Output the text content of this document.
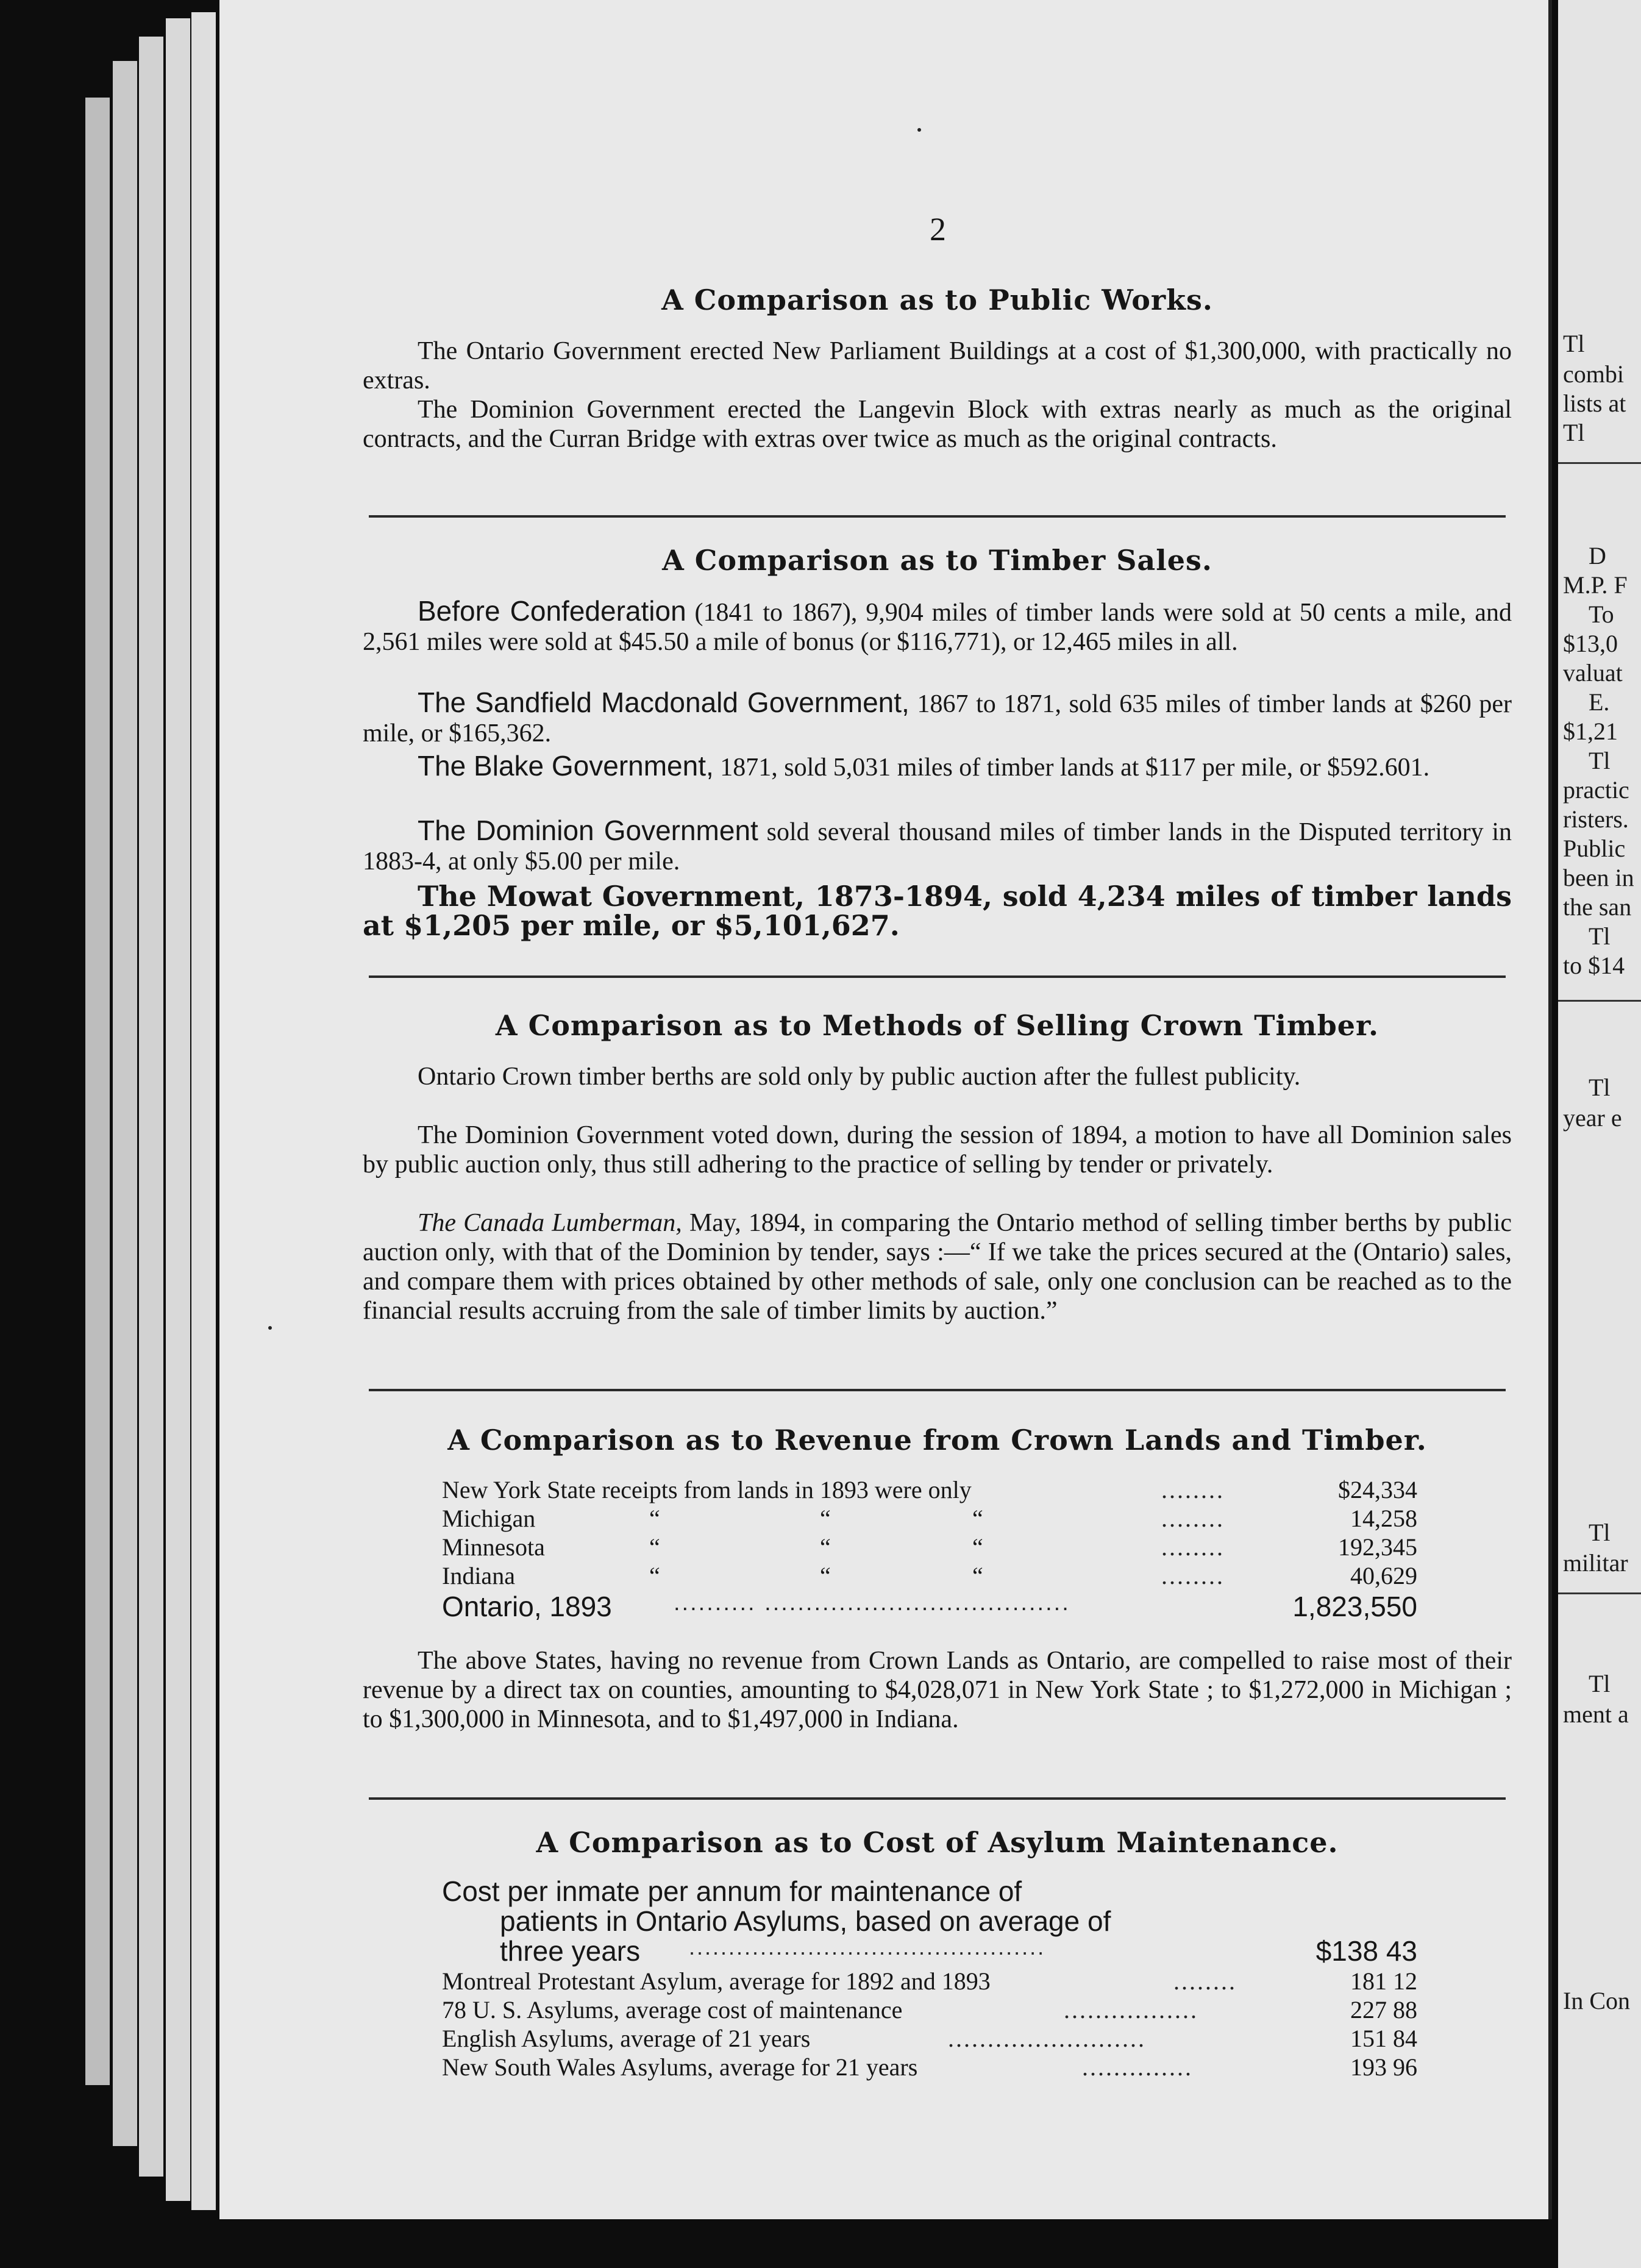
Tl
combi
lists at
Tl
D
M.P. F
To
$13,0
valuat
E.
$1,21
Tl
practic
risters.
Public
been in
the san
Tl
to $14
Tl
year e
Tl
militar
Tl
ment a
In Con
2
A Comparison as to Public Works.
The Ontario Government erected New Parliament Buildings at a cost of $1,300,000, with practically no extras.
The Dominion Government erected the Langevin Block with extras nearly as much as the original contracts, and the Curran Bridge with extras over twice as much as the original contracts.
A Comparison as to Timber Sales.
Before Confederation (1841 to 1867), 9,904 miles of timber lands were sold at 50 cents a mile, and 2,561 miles were sold at $45.50 a mile of bonus (or $116,771), or 12,465 miles in all.
The Sandfield Macdonald Government, 1867 to 1871, sold 635 miles of timber lands at $260 per mile, or $165,362.
The Blake Government, 1871, sold 5,031 miles of timber lands at $117 per mile, or $592.601.
The Dominion Government sold several thousand miles of timber lands in the Disputed territory in 1883-4, at only $5.00 per mile.
The Mowat Government, 1873-1894, sold 4,234 miles of timber lands at $1,205 per mile, or $5,101,627.
A Comparison as to Methods of Selling Crown Timber.
Ontario Crown timber berths are sold only by public auction after the fullest publicity.
The Dominion Government voted down, during the session of 1894, a motion to have all Dominion sales by public auction only, thus still adhering to the practice of selling by tender or privately.
The Canada Lumberman, May, 1894, in comparing the Ontario method of selling timber berths by public auction only, with that of the Dominion by tender, says :—“ If we take the prices secured at the (Ontario) sales, and compare them with prices obtained by other methods of sale, only one conclusion can be reached as to the financial results accruing from the sale of timber limits by auction.”
A Comparison as to Revenue from Crown Lands and Timber.
New York State receipts from lands in 1893 were only	........	$24,334
Michigan	“	“	“	........	14,258
Minnesota	“	“	“	........	192,345
Indiana	“	“	“	........	40,629
Ontario, 1893	.......... .....................................	1,823,550
The above States, having no revenue from Crown Lands as Ontario, are compelled to raise most of their revenue by a direct tax on counties, amounting to $4,028,071 in New York State ; to $1,272,000 in Michigan ; to $1,300,000 in Minnesota, and to $1,497,000 in Indiana.
A Comparison as to Cost of Asylum Maintenance.
Cost per inmate per annum for maintenance of
patients in Ontario Asylums, based on average of
three years .............................................	$138 43
Montreal Protestant Asylum, average for 1892 and 1893	........	181 12
78 U. S. Asylums, average cost of maintenance	.................	227 88
English Asylums, average of 21 years	.........................	151 84
New South Wales Asylums, average for 21 years	..............	193 96
